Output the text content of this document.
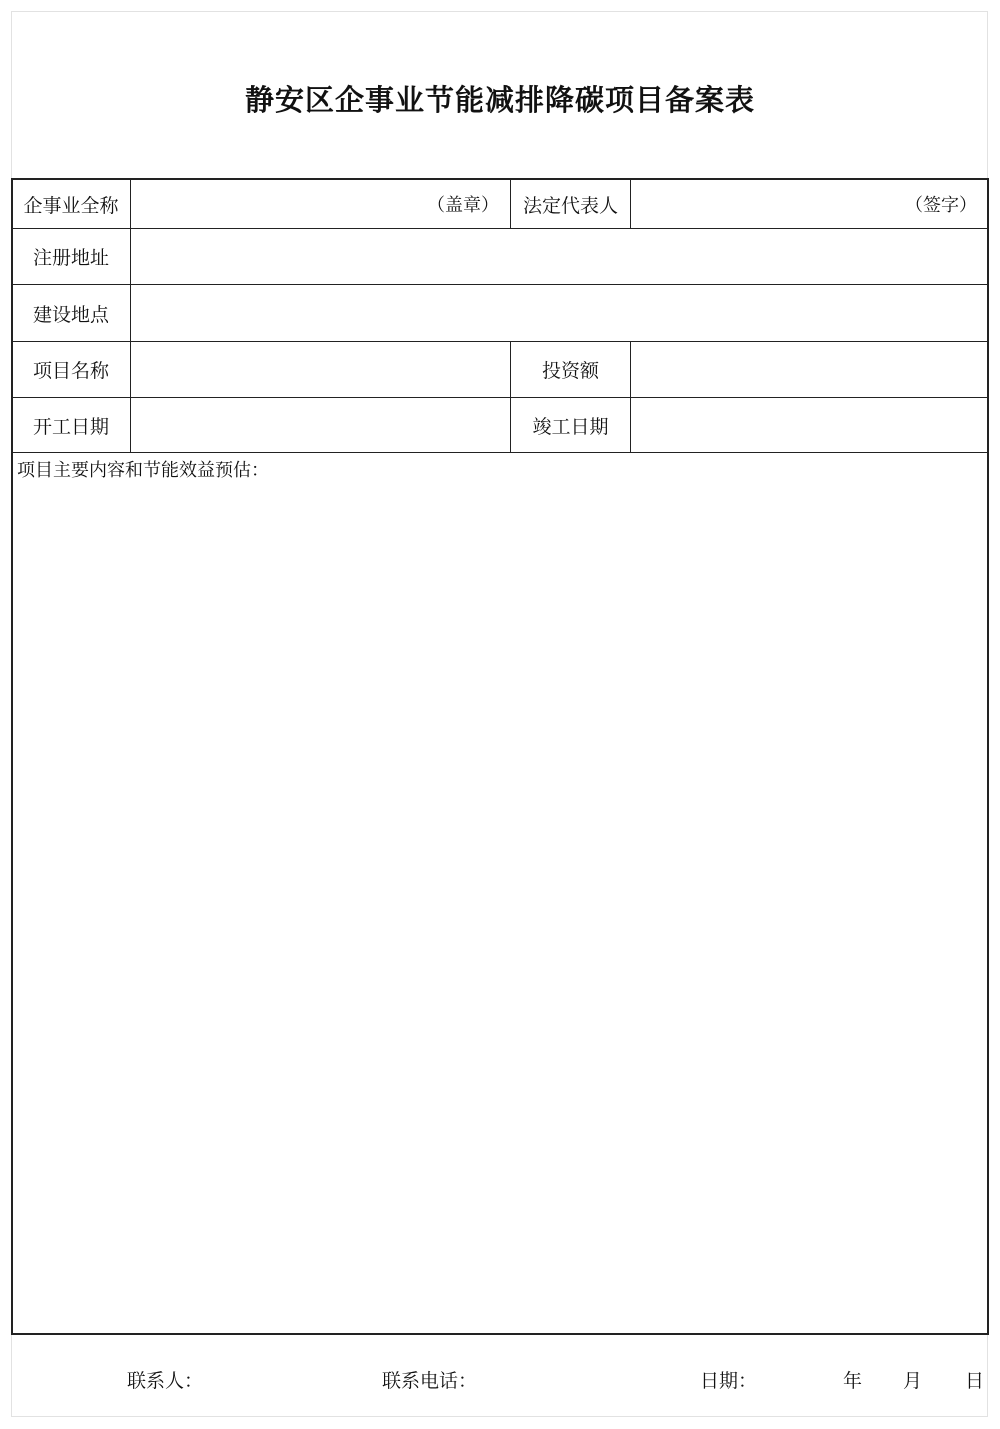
静安区企事业节能减排降碳项目备案表
企事业全称	（盖章）	法定代表人	（签字）
注册地址
建设地点
项目名称	投资额
开工日期	竣工日期
项目主要内容和节能效益预估：
联系人：	联系电话：	日期：	年 月 日
